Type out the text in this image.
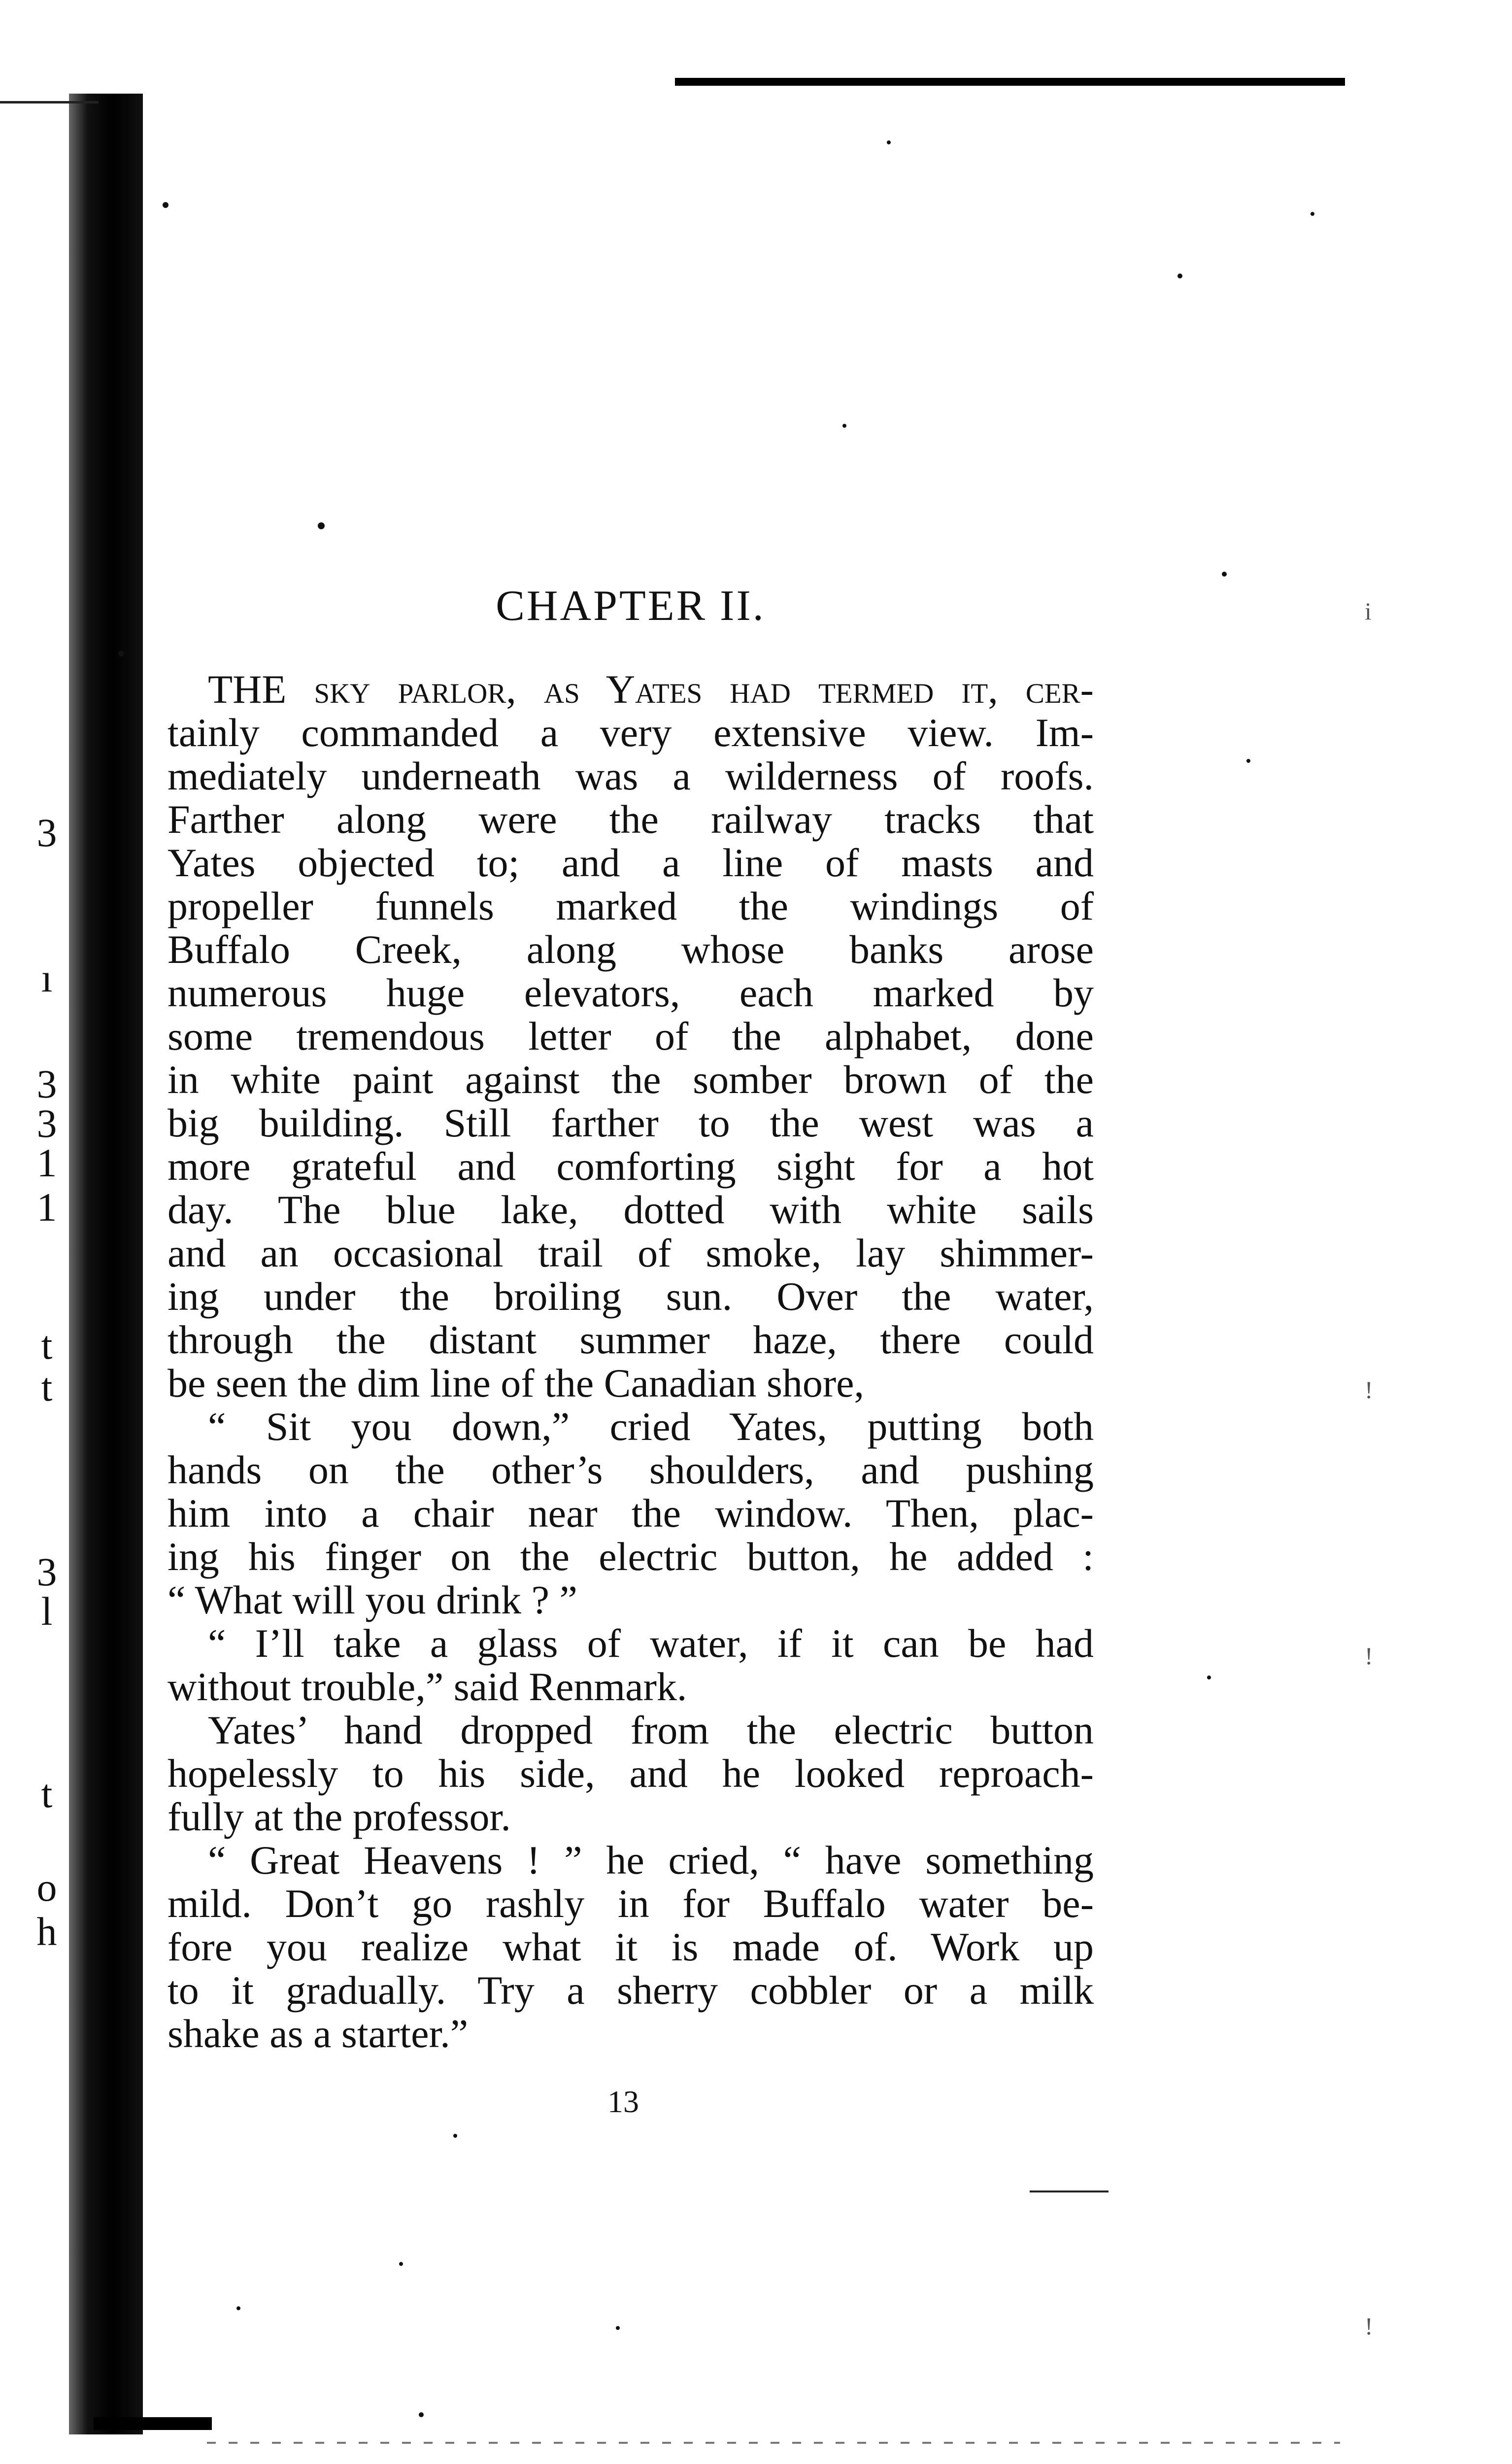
3
ı
3
3
1
1
t
t
3
l
t
o
h
i
!
!
!
CHAPTER II.
THE sky parlor, as Yates had termed it, cer-
tainly commanded a very extensive view. Im-
mediately underneath was a wilderness of roofs.
Farther along were the railway tracks that
Yates objected to; and a line of masts and
propeller funnels marked the windings of
Buffalo Creek, along whose banks arose
numerous huge elevators, each marked by
some tremendous letter of the alphabet, done
in white paint against the somber brown of the
big building. Still farther to the west was a
more grateful and comforting sight for a hot
day. The blue lake, dotted with white sails
and an occasional trail of smoke, lay shimmer-
ing under the broiling sun. Over the water,
through the distant summer haze, there could
be seen the dim line of the Canadian shore,
“ Sit you down,” cried Yates, putting both
hands on the other’s shoulders, and pushing
him into a chair near the window. Then, plac-
ing his finger on the electric button, he added :
“ What will you drink ? ”
“ I’ll take a glass of water, if it can be had
without trouble,” said Renmark.
Yates’ hand dropped from the electric button
hopelessly to his side, and he looked reproach-
fully at the professor.
“ Great Heavens ! ” he cried, “ have something
mild. Don’t go rashly in for Buffalo water be-
fore you realize what it is made of. Work up
to it gradually. Try a sherry cobbler or a milk
shake as a starter.”
13
